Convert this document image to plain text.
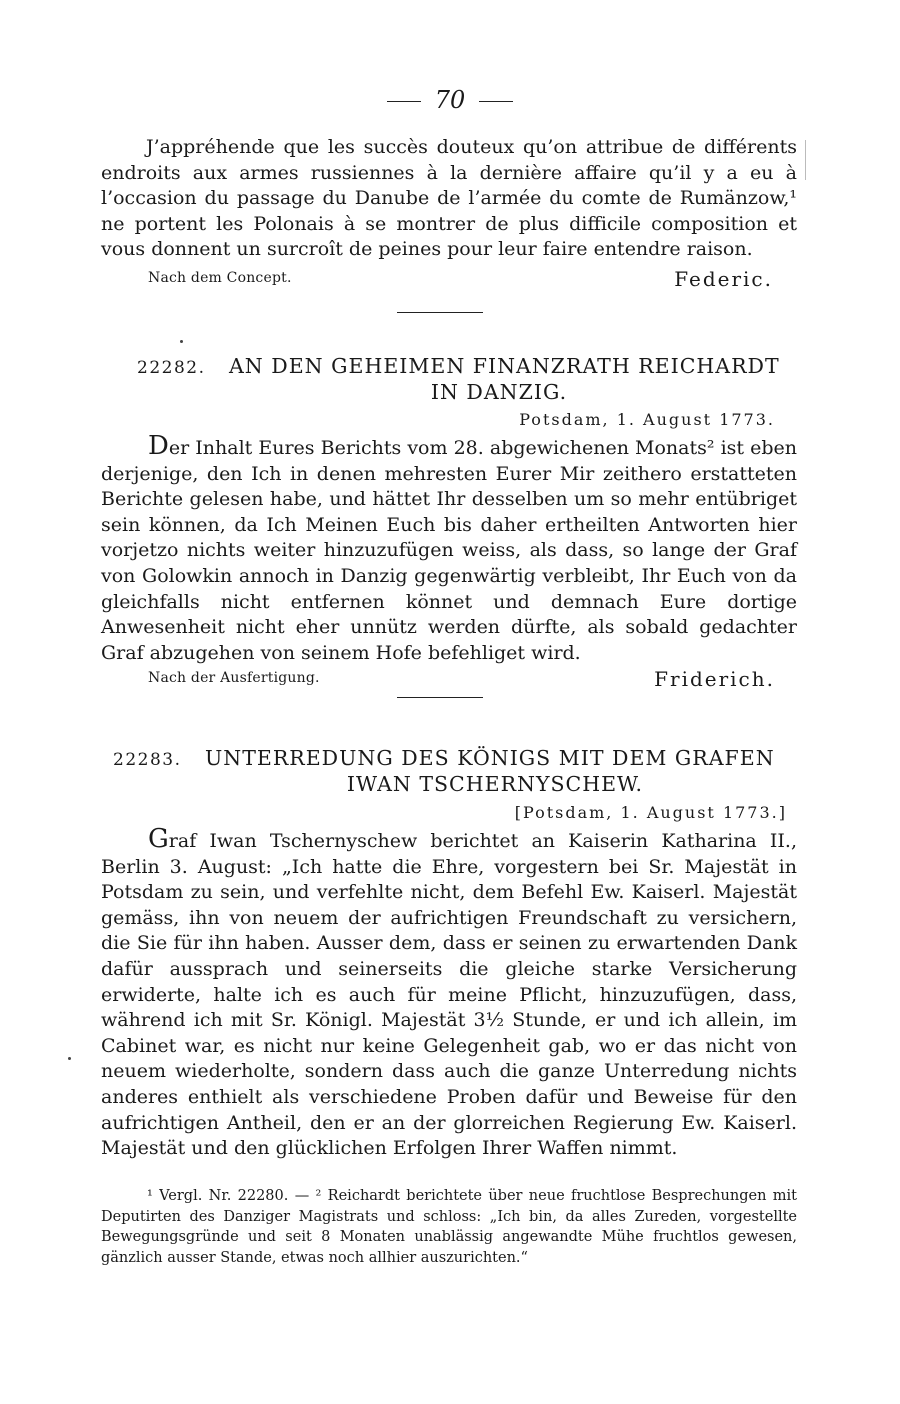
70

J’appréhende que les succès douteux qu’on attribue de différents endroits aux armes russiennes à la dernière affaire qu’il y a eu à l’occasion du passage du Danube de l’armée du comte de Rumänzow,¹ ne portent les Polonais à se montrer de plus difficile composition et vous donnent un surcroît de peines pour leur faire entendre raison.

Nach dem Concept.	Federic.
22282. AN DEN GEHEIMEN FINANZRATH REICHARDT
IN DANZIG.
Potsdam, 1. August 1773.

Der Inhalt Eures Berichts vom 28. abgewichenen Monats² ist eben derjenige, den Ich in denen mehresten Eurer Mir zeithero erstatteten Berichte gelesen habe, und hättet Ihr desselben um so mehr entübriget sein können, da Ich Meinen Euch bis daher ertheilten Antworten hier vorjetzo nichts weiter hinzuzufügen weiss, als dass, so lange der Graf von Golowkin annoch in Danzig gegenwärtig verbleibt, Ihr Euch von da gleichfalls nicht entfernen könnet und demnach Eure dortige Anwesenheit nicht eher unnütz werden dürfte, als sobald gedachter Graf abzugehen von seinem Hofe befehliget wird.

Nach der Ausfertigung.	Friderich.
22283. UNTERREDUNG DES KÖNIGS MIT DEM GRAFEN
IWAN TSCHERNYSCHEW.
[Potsdam, 1. August 1773.]

Graf Iwan Tschernyschew berichtet an Kaiserin Katharina II., Berlin 3. August: „Ich hatte die Ehre, vorgestern bei Sr. Majestät in Potsdam zu sein, und verfehlte nicht, dem Befehl Ew. Kaiserl. Majestät gemäss, ihn von neuem der aufrichtigen Freundschaft zu versichern, die Sie für ihn haben. Ausser dem, dass er seinen zu erwartenden Dank dafür aussprach und seinerseits die gleiche starke Versicherung erwiderte, halte ich es auch für meine Pflicht, hinzuzufügen, dass, während ich mit Sr. Königl. Majestät 3½ Stunde, er und ich allein, im Cabinet war, es nicht nur keine Gelegenheit gab, wo er das nicht von neuem wiederholte, sondern dass auch die ganze Unterredung nichts anderes enthielt als verschiedene Proben dafür und Beweise für den aufrichtigen Antheil, den er an der glorreichen Regierung Ew. Kaiserl. Majestät und den glücklichen Erfolgen Ihrer Waffen nimmt.

¹ Vergl. Nr. 22280. — ² Reichardt berichtete über neue fruchtlose Besprechungen mit Deputirten des Danziger Magistrats und schloss: „Ich bin, da alles Zureden, vorgestellte Bewegungsgründe und seit 8 Monaten unablässig angewandte Mühe fruchtlos gewesen, gänzlich ausser Stande, etwas noch allhier auszurichten.“
